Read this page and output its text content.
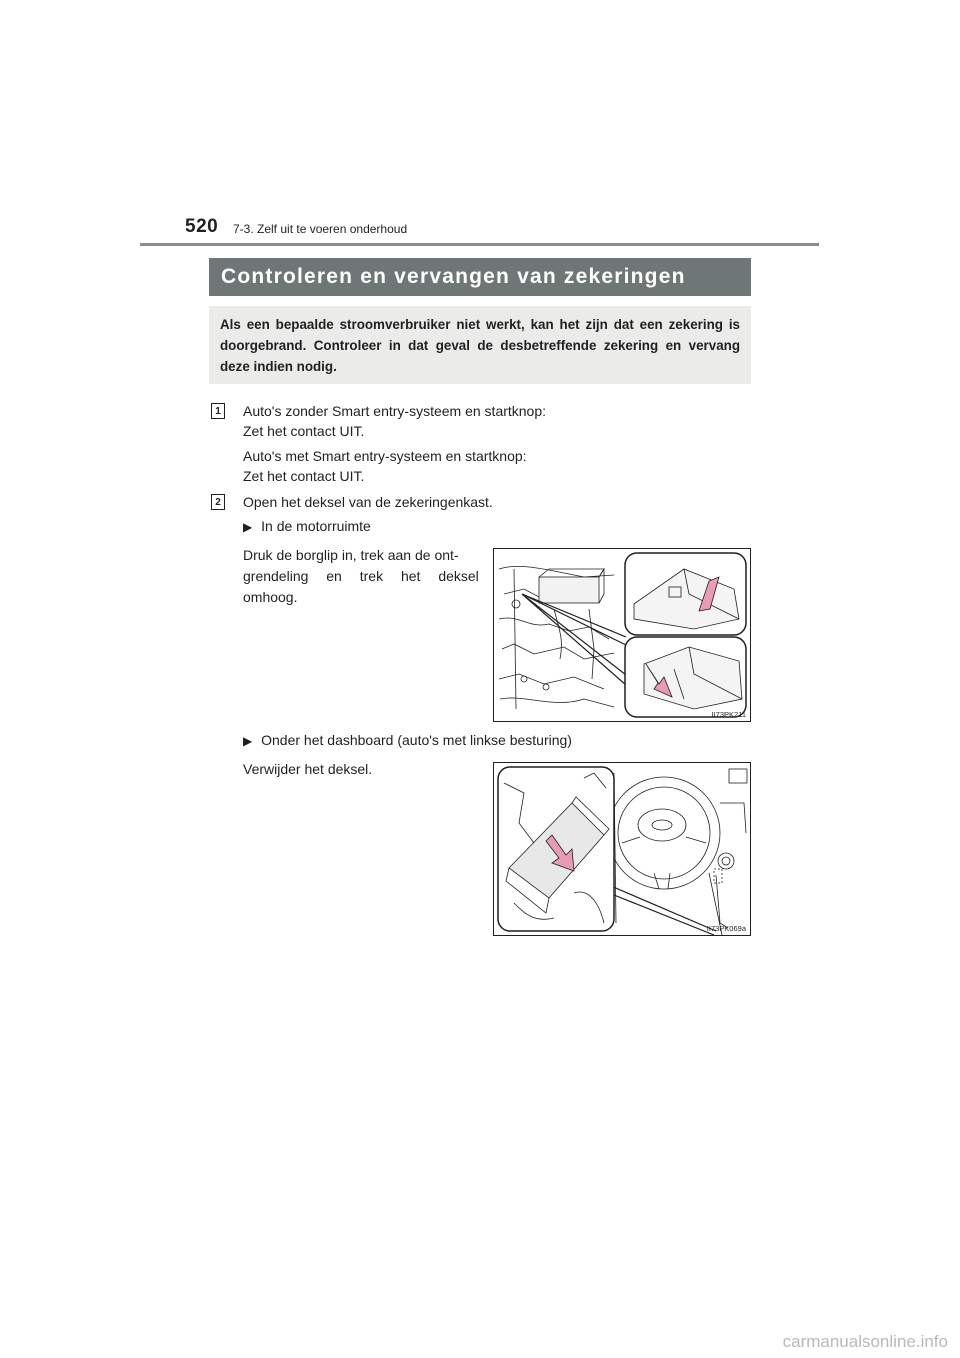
520 7-3. Zelf uit te voeren onderhoud
Controleren en vervangen van zekeringen
Als een bepaalde stroomverbruiker niet werkt, kan het zijn dat een zekering is doorgebrand. Controleer in dat geval de desbetreffende zekering en vervang deze indien nodig.
1	Auto's zonder Smart entry-systeem en startknop:
Zet het contact UIT.
Auto's met Smart entry-systeem en startknop:
Zet het contact UIT.
2	Open het deksel van de zekeringenkast.
▶ In de motorruimte
Druk de borglip in, trek aan de ont-
grendeling en trek het deksel
omhoog.
II73PK211
▶ Onder het dashboard (auto's met linkse besturing)
Verwijder het deksel.
II73PK069a
carmanualsonline.info
